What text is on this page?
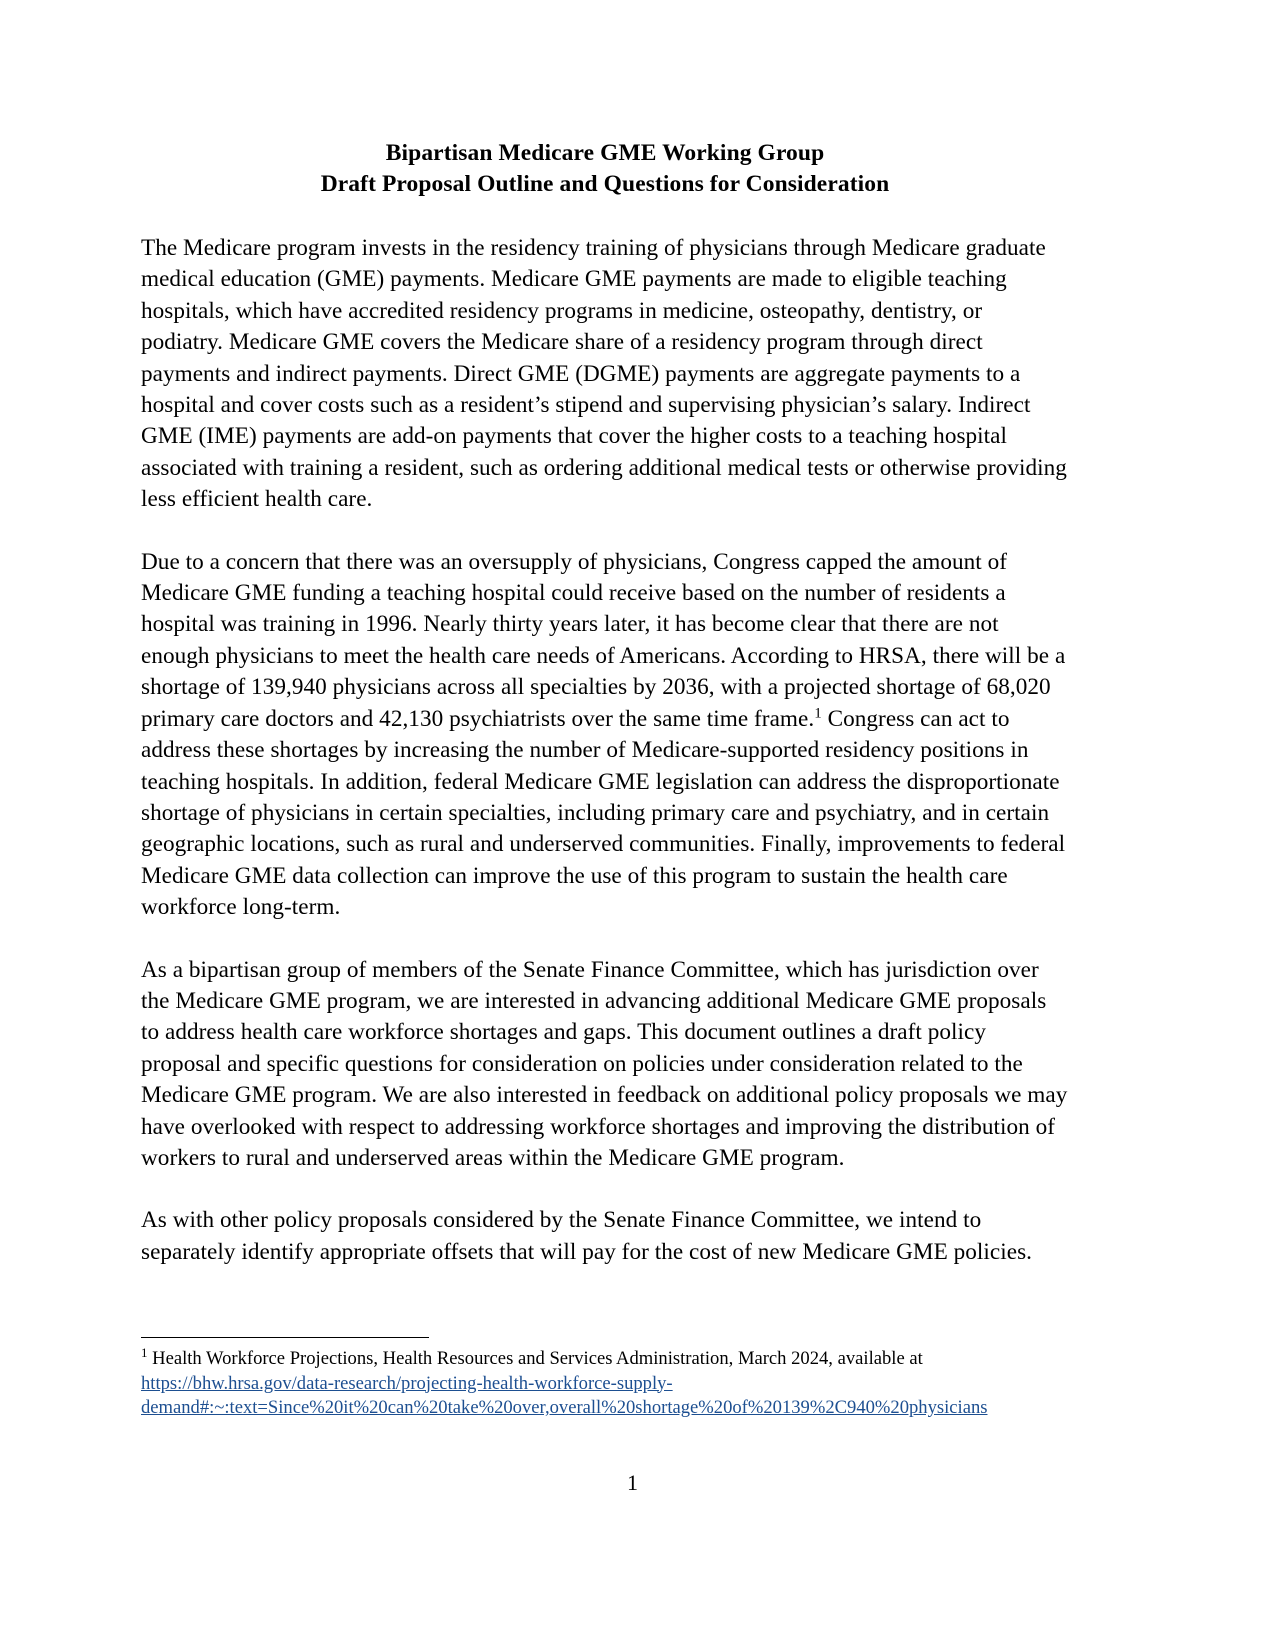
Bipartisan Medicare GME Working Group
Draft Proposal Outline and Questions for Consideration

The Medicare program invests in the residency training of physicians through Medicare graduate medical education (GME) payments. Medicare GME payments are made to eligible teaching hospitals, which have accredited residency programs in medicine, osteopathy, dentistry, or podiatry. Medicare GME covers the Medicare share of a residency program through direct payments and indirect payments. Direct GME (DGME) payments are aggregate payments to a hospital and cover costs such as a resident’s stipend and supervising physician’s salary. Indirect GME (IME) payments are add-on payments that cover the higher costs to a teaching hospital associated with training a resident, such as ordering additional medical tests or otherwise providing less efficient health care.

Due to a concern that there was an oversupply of physicians, Congress capped the amount of Medicare GME funding a teaching hospital could receive based on the number of residents a hospital was training in 1996. Nearly thirty years later, it has become clear that there are not enough physicians to meet the health care needs of Americans. According to HRSA, there will be a shortage of 139,940 physicians across all specialties by 2036, with a projected shortage of 68,020 primary care doctors and 42,130 psychiatrists over the same time frame.$^1$ Congress can act to address these shortages by increasing the number of Medicare-supported residency positions in teaching hospitals. In addition, federal Medicare GME legislation can address the disproportionate shortage of physicians in certain specialties, including primary care and psychiatry, and in certain geographic locations, such as rural and underserved communities. Finally, improvements to federal Medicare GME data collection can improve the use of this program to sustain the health care workforce long-term.

As a bipartisan group of members of the Senate Finance Committee, which has jurisdiction over the Medicare GME program, we are interested in advancing additional Medicare GME proposals to address health care workforce shortages and gaps. This document outlines a draft policy proposal and specific questions for consideration on policies under consideration related to the Medicare GME program. We are also interested in feedback on additional policy proposals we may have overlooked with respect to addressing workforce shortages and improving the distribution of workers to rural and underserved areas within the Medicare GME program.

As with other policy proposals considered by the Senate Finance Committee, we intend to separately identify appropriate offsets that will pay for the cost of new Medicare GME policies.

$^1$ Health Workforce Projections, Health Resources and Services Administration, March 2024, available at
https://bhw.hrsa.gov/data-research/projecting-health-workforce-supply-
demand#:~:text=Since%20it%20can%20take%20over,overall%20shortage%20of%20139%2C940%20physicians

1
